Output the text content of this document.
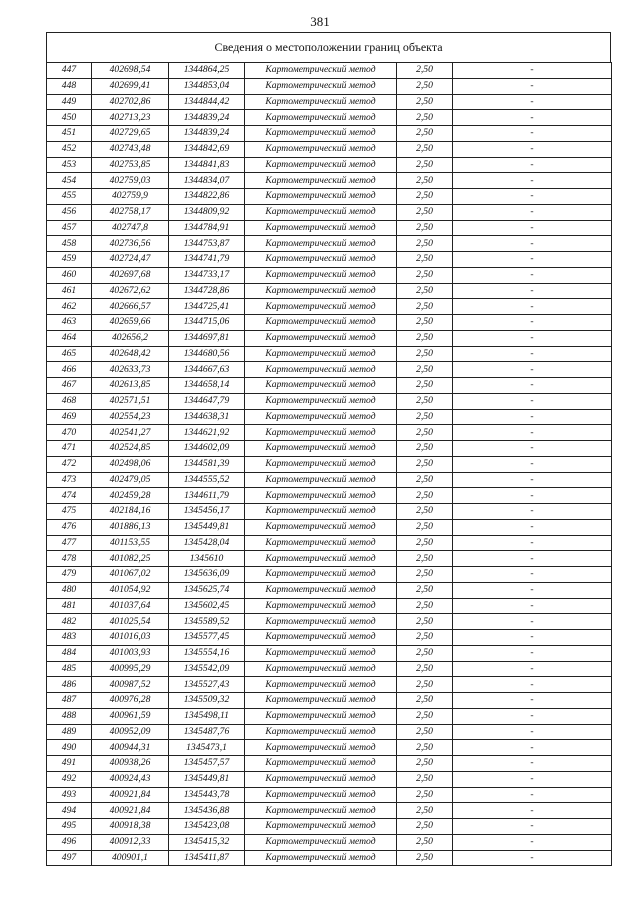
381
Сведения о местоположении границ объекта
447	402698,54	1344864,25	Картометрический метод	2,50	-
448	402699,41	1344853,04	Картометрический метод	2,50	-
449	402702,86	1344844,42	Картометрический метод	2,50	-
450	402713,23	1344839,24	Картометрический метод	2,50	-
451	402729,65	1344839,24	Картометрический метод	2,50	-
452	402743,48	1344842,69	Картометрический метод	2,50	-
453	402753,85	1344841,83	Картометрический метод	2,50	-
454	402759,03	1344834,07	Картометрический метод	2,50	-
455	402759,9	1344822,86	Картометрический метод	2,50	-
456	402758,17	1344809,92	Картометрический метод	2,50	-
457	402747,8	1344784,91	Картометрический метод	2,50	-
458	402736,56	1344753,87	Картометрический метод	2,50	-
459	402724,47	1344741,79	Картометрический метод	2,50	-
460	402697,68	1344733,17	Картометрический метод	2,50	-
461	402672,62	1344728,86	Картометрический метод	2,50	-
462	402666,57	1344725,41	Картометрический метод	2,50	-
463	402659,66	1344715,06	Картометрический метод	2,50	-
464	402656,2	1344697,81	Картометрический метод	2,50	-
465	402648,42	1344680,56	Картометрический метод	2,50	-
466	402633,73	1344667,63	Картометрический метод	2,50	-
467	402613,85	1344658,14	Картометрический метод	2,50	-
468	402571,51	1344647,79	Картометрический метод	2,50	-
469	402554,23	1344638,31	Картометрический метод	2,50	-
470	402541,27	1344621,92	Картометрический метод	2,50	-
471	402524,85	1344602,09	Картометрический метод	2,50	-
472	402498,06	1344581,39	Картометрический метод	2,50	-
473	402479,05	1344555,52	Картометрический метод	2,50	-
474	402459,28	1344611,79	Картометрический метод	2,50	-
475	402184,16	1345456,17	Картометрический метод	2,50	-
476	401886,13	1345449,81	Картометрический метод	2,50	-
477	401153,55	1345428,04	Картометрический метод	2,50	-
478	401082,25	1345610	Картометрический метод	2,50	-
479	401067,02	1345636,09	Картометрический метод	2,50	-
480	401054,92	1345625,74	Картометрический метод	2,50	-
481	401037,64	1345602,45	Картометрический метод	2,50	-
482	401025,54	1345589,52	Картометрический метод	2,50	-
483	401016,03	1345577,45	Картометрический метод	2,50	-
484	401003,93	1345554,16	Картометрический метод	2,50	-
485	400995,29	1345542,09	Картометрический метод	2,50	-
486	400987,52	1345527,43	Картометрический метод	2,50	-
487	400976,28	1345509,32	Картометрический метод	2,50	-
488	400961,59	1345498,11	Картометрический метод	2,50	-
489	400952,09	1345487,76	Картометрический метод	2,50	-
490	400944,31	1345473,1	Картометрический метод	2,50	-
491	400938,26	1345457,57	Картометрический метод	2,50	-
492	400924,43	1345449,81	Картометрический метод	2,50	-
493	400921,84	1345443,78	Картометрический метод	2,50	-
494	400921,84	1345436,88	Картометрический метод	2,50	-
495	400918,38	1345423,08	Картометрический метод	2,50	-
496	400912,33	1345415,32	Картометрический метод	2,50	-
497	400901,1	1345411,87	Картометрический метод	2,50	-
